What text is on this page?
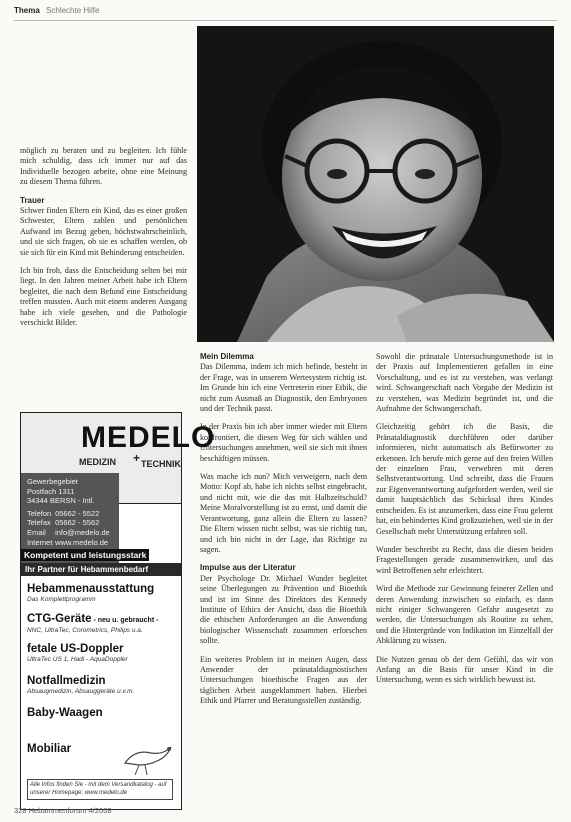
Thema Schlechte Hilfe

möglich zu beraten und zu begleiten. Ich fühle mich schuldig, dass ich immer nur auf das Individuelle bezogen arbeite, ohne eine Meinung zu diesem Thema führen.

Trauer

Schwer finden Eltern ein Kind, das es einer großen Schwester, Eltern zahlen und persönlichen Aufwand im Bezug geben, höchstwahrscheinlich, und sie sich fragen, ob sie es schaffen werden, ob sie sich für ein Kind mit Behinderung entscheiden.

Ich bin froh, dass die Entscheidung selten bei mir liegt. In den Jahren meiner Arbeit habe ich Eltern begleitet, die nach dem Befund eine Entscheidung treffen mussten. Auch mit einem anderen Ausgang habe ich viele gesehen, und die Pathologie verschickt Bilder.

Mein Dilemma

Das Dilemma, indem ich mich befinde, besteht in der Frage, was in unserem Wertesystem richtig ist. Im Grunde bin ich eine Vertreterin einer Ethik, die nicht zum Ausmaß an Diagnostik, den Embryonen und der Technik passt.

In der Praxis bin ich aber immer wieder mit Eltern konfrontiert, die diesen Weg für sich wählen und Untersuchungen annehmen, weil sie sich mit ihnen beschäftigen müssen.

Was mache ich nun? Mich verweigern, nach dem Motto: Kopf ab, habe ich nichts selbst eingebracht, und nicht mit, wie die das mit Halbzeitschuld? Meine Moralvorstellung ist zu ernst, und damit die Verantwortung, ganz allein die Eltern zu lassen? Die Eltern wissen nicht selbst, was sie richtig tun, und ich bin nicht in der Lage, das Richtige zu sagen.

Impulse aus der Literatur

Der Psychologe Dr. Michael Wunder begleitet seine Überlegungen zu Prävention und Bioethik und ist im Sinne des Direktors des Kennedy Institute of Ethics der Ansicht, dass die Bioethik die ethischen Anforderungen an die Anwendung biologischer Wissenschaft zusammen erforschen sollte.

Ein weiteres Problem ist in meinen Augen, dass Anwender der pränataldiagnostischen Untersuchungen bioethische Fragen aus der täglichen Arbeit ausgeklammert haben. Hierbei Ethik und Pfarrer und Beratungsstellen zuständig.

Sowohl die pränatale Untersuchungsmethode ist in der Praxis auf Implementieren gefallen in eine Vorschaltung, und es ist zu verstehen, was verlangt wird. Schwangerschaft nach Vorgabe der Medizin ist zu verstehen, was Medizin begründet ist, und die Aufnahme der Schwangerschaft.

Gleichzeitig gehört ich die Basis, die Pränataldiagnostik durchführen oder darüber informieren, nicht automatisch als Befürworter zu erkennen. Ich berufe mich gerne auf den freien Willen der einzelnen Frau, verwehren mit deren Selbstverantwortung. Und schreibt, dass die Frauen zur Eigenverantwortung aufgefordert werden, weil sie damit hauptsächlich das Schicksal ihres Kindes entscheiden. Es ist anzumerken, dass eine Frau gelernt hat, ein behindertes Kind großzuziehen, weil sie in der Gesellschaft mehr Unterstützung erfahren soll.

Wunder beschreibt zu Recht, dass die diesen beiden Fragestellungen gerade zusammenwirken, und das wird Betroffenen sehr erleichtert.

Wird die Methode zur Gewinnung feinerer Zellen und deren Anwendung inzwischen so einfach, es dann nicht einiger Schwangeren Gefahr ausgesetzt zu werden, die Untersuchungen als Routine zu sehen, und die Hintergründe von Indikation im Einzelfall der Abklärung zu wissen.

Die Nutzen genau ob der dem Gefühl, das wir von Anfang an die Basis für unser Kind in die Untersuchung, wenn es sich wirklich bewusst ist.

MEDELO
MEDIZIN + TECHNIK
Gewerbegebiet
Postfach 1311
34344 BERSN - Intl.
Telefon 05662 - 5522
Telefax 05662 - 5562
Email info@medelo.de
Internet www.medelo.de
Kompetent und leistungsstark
Ihr Partner für Hebammenbedarf
Hebammenausstattung
Das Komplettprogramm
CTG-Geräte - neu u. gebraucht -
NNC, UltraTec, Corometrics, Philips u.a.
fetale US-Doppler
UltraTec US 1, Hadi - AquaDoppler
Notfallmedizin
Absaugmedizin, Absauggeräte u.v.m.
Baby-Waagen
Mobiliar
Alle Infos finden Sie - mit dem Versandkatalog - auf unserer Homepage: www.medelo.de
328 Hebammenforum 4/2008
